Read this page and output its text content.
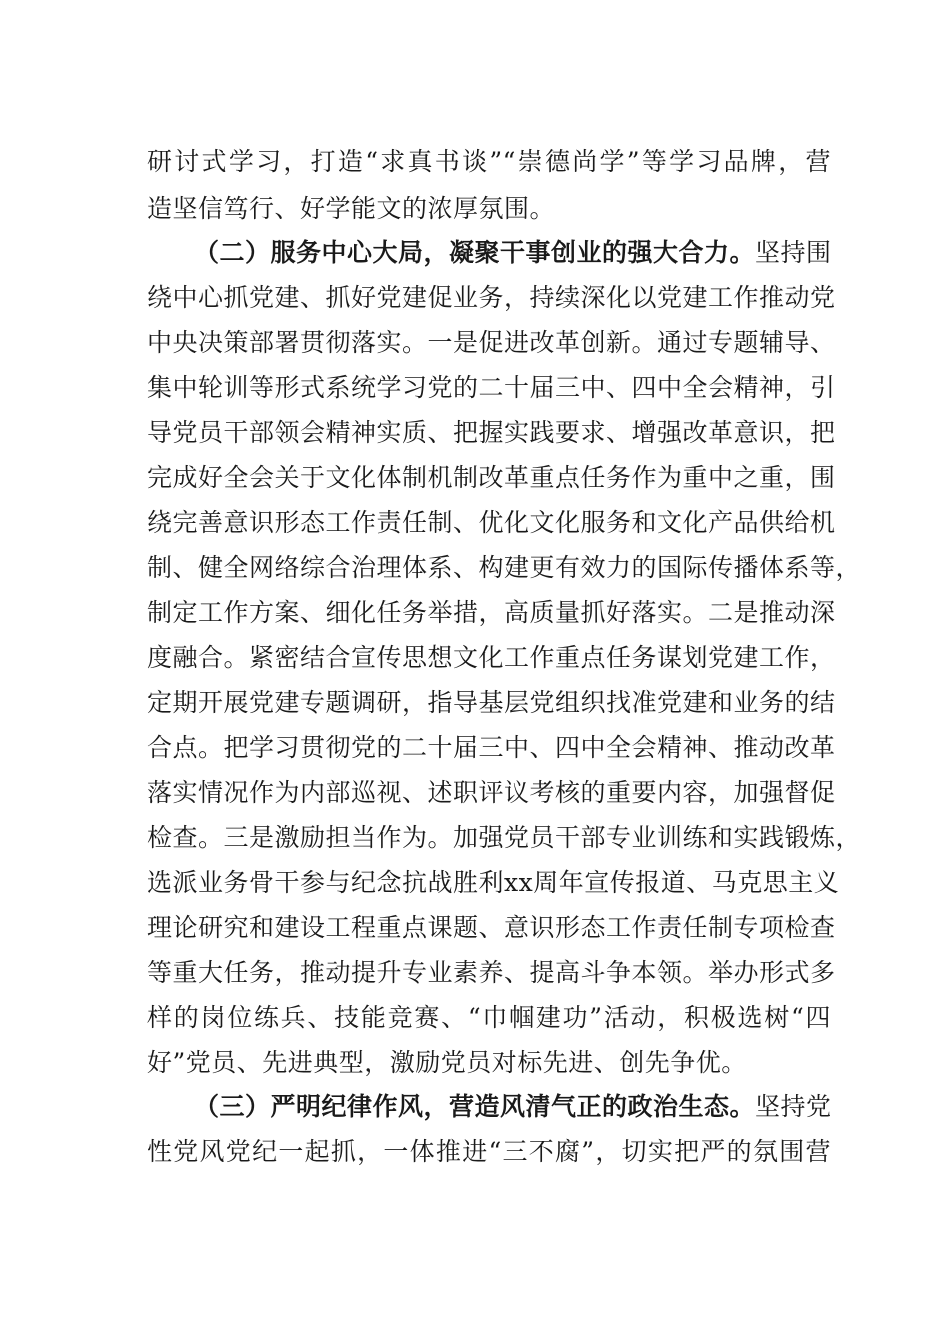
研讨式学习，打造“求真书谈”“崇德尚学”等学习品牌，营
造坚信笃行、好学能文的浓厚氛围。
（二）服务中心大局，凝聚干事创业的强大合力。坚持围
绕中心抓党建、抓好党建促业务，持续深化以党建工作推动党
中央决策部署贯彻落实。一是促进改革创新。通过专题辅导、
集中轮训等形式系统学习党的二十届三中、四中全会精神，引
导党员干部领会精神实质、把握实践要求、增强改革意识，把
完成好全会关于文化体制机制改革重点任务作为重中之重，围
绕完善意识形态工作责任制、优化文化服务和文化产品供给机
制、健全网络综合治理体系、构建更有效力的国际传播体系等，
制定工作方案、细化任务举措，高质量抓好落实。二是推动深
度融合。紧密结合宣传思想文化工作重点任务谋划党建工作，
定期开展党建专题调研，指导基层党组织找准党建和业务的结
合点。把学习贯彻党的二十届三中、四中全会精神、推动改革
落实情况作为内部巡视、述职评议考核的重要内容，加强督促
检查。三是激励担当作为。加强党员干部专业训练和实践锻炼，
选派业务骨干参与纪念抗战胜利xx周年宣传报道、马克思主义
理论研究和建设工程重点课题、意识形态工作责任制专项检查
等重大任务，推动提升专业素养、提高斗争本领。举办形式多
样的岗位练兵、技能竞赛、“巾帼建功”活动，积极选树“四
好”党员、先进典型，激励党员对标先进、创先争优。
（三）严明纪律作风，营造风清气正的政治生态。坚持党
性党风党纪一起抓，一体推进“三不腐”，切实把严的氛围营
